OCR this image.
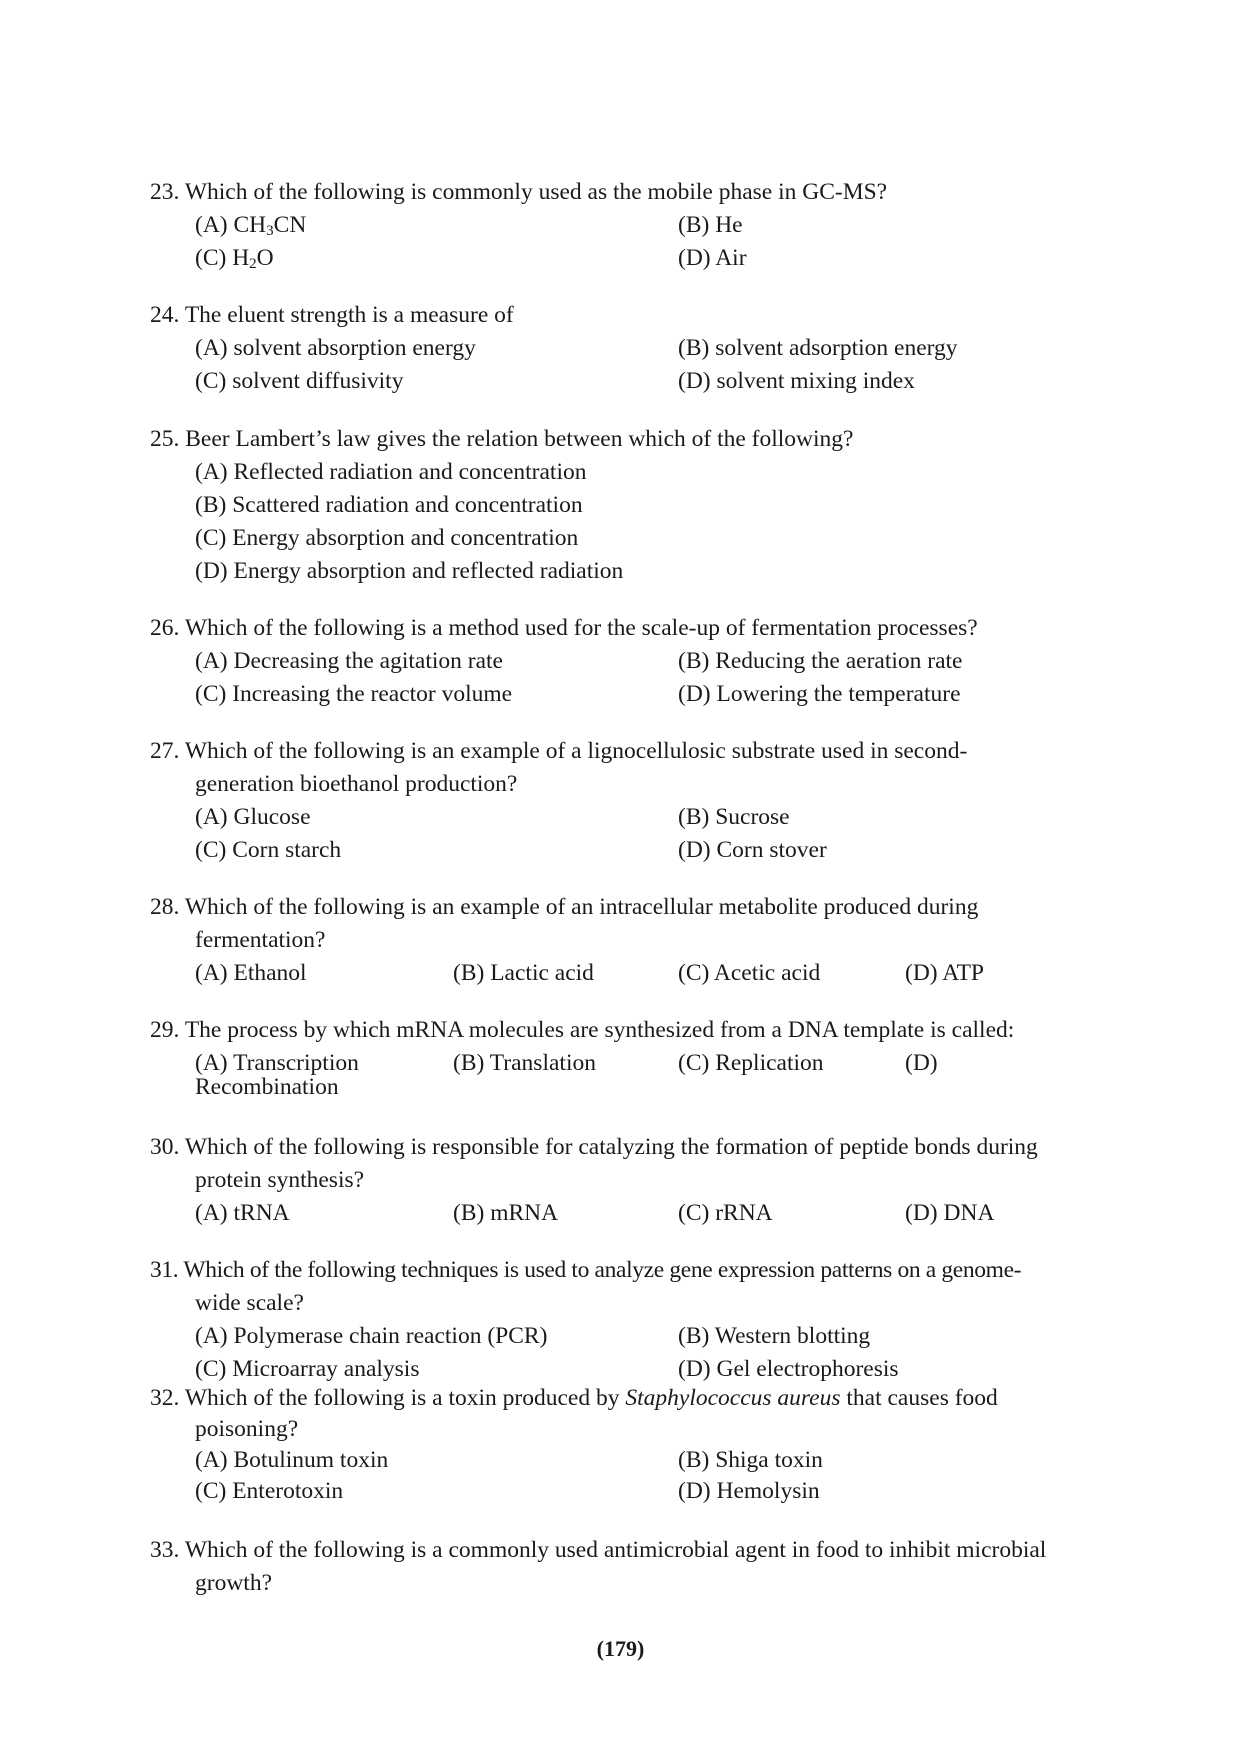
23. Which of the following is commonly used as the mobile phase in GC-MS?

(A) $CH_3CN$	(B) He
(C) $H_2O$	(D) Air

24. The eluent strength is a measure of

(A) solvent absorption energy	(B) solvent adsorption energy
(C) solvent diffusivity	(D) solvent mixing index

25. Beer Lambert’s law gives the relation between which of the following?

(A) Reflected radiation and concentration
(B) Scattered radiation and concentration
(C) Energy absorption and concentration
(D) Energy absorption and reflected radiation

26. Which of the following is a method used for the scale-up of fermentation processes?

(A) Decreasing the agitation rate	(B) Reducing the aeration rate
(C) Increasing the reactor volume	(D) Lowering the temperature

27. Which of the following is an example of a lignocellulosic substrate used in second-

generation bioethanol production?

(A) Glucose	(B) Sucrose
(C) Corn starch	(D) Corn stover

28. Which of the following is an example of an intracellular metabolite produced during

fermentation?

(A) Ethanol	(B) Lactic acid	(C) Acetic acid	(D) ATP

29. The process by which mRNA molecules are synthesized from a DNA template is called:

(A) Transcription	(B) Translation	(C) Replication	(D)
Recombination

30. Which of the following is responsible for catalyzing the formation of peptide bonds during

protein synthesis?

(A) tRNA	(B) mRNA	(C) rRNA	(D) DNA

31. Which of the following techniques is used to analyze gene expression patterns on a genome-

wide scale?

(A) Polymerase chain reaction (PCR)	(B) Western blotting
(C) Microarray analysis	(D) Gel electrophoresis

32. Which of the following is a toxin produced by Staphylococcus aureus that causes food

poisoning?

(A) Botulinum toxin	(B) Shiga toxin
(C) Enterotoxin	(D) Hemolysin

33. Which of the following is a commonly used antimicrobial agent in food to inhibit microbial

growth?

(179)
